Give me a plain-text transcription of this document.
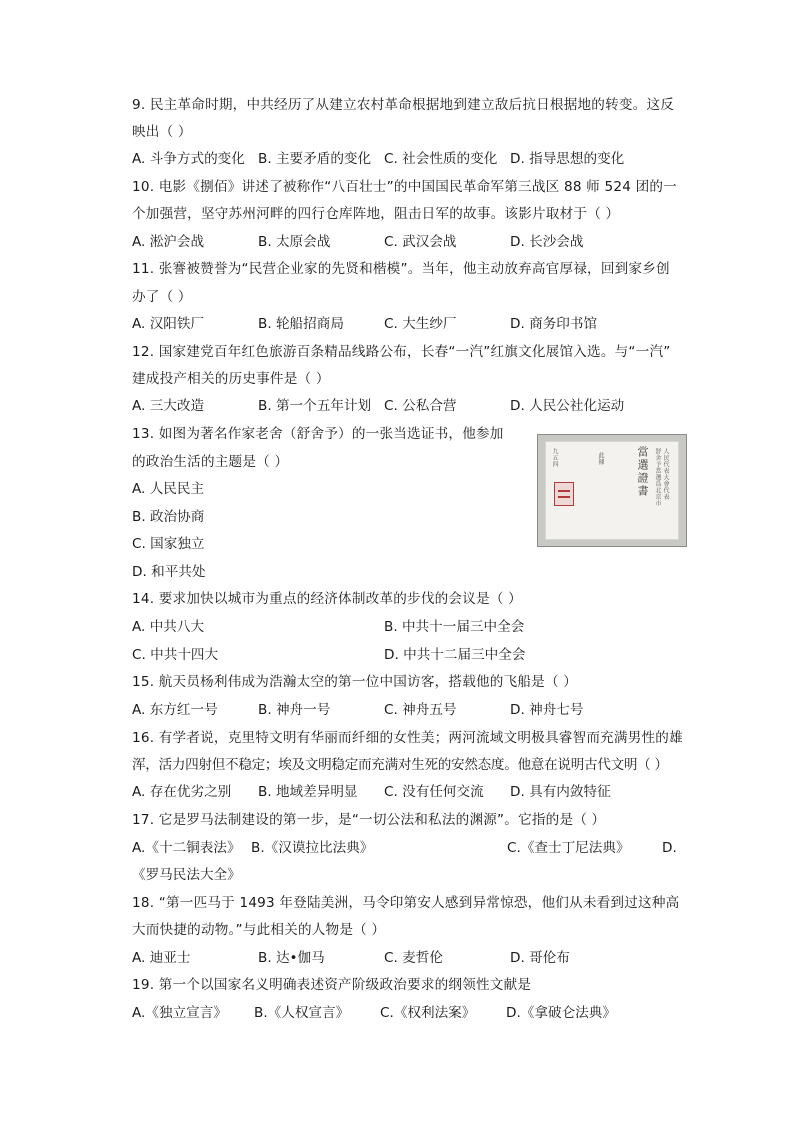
9. 民主革命时期，中共经历了从建立农村革命根据地到建立敌后抗日根据地的转变。这反
映出（ ）
A. 斗争方式的变化 B. 主要矛盾的变化 C. 社会性质的变化 D. 指导思想的变化
10. 电影《捌佰》讲述了被称作“八百壮士”的中国国民革命军第三战区 88 师 524 团的一
个加强营，坚守苏州河畔的四行仓库阵地，阻击日军的故事。该影片取材于（ ）
A. 淞沪会战	B. 太原会战	C. 武汉会战	D. 长沙会战
11. 张謇被赞誉为“民营企业家的先贤和楷模”。当年，他主动放弃高官厚禄，回到家乡创
办了（ ）
A. 汉阳铁厂	B. 轮船招商局	C. 大生纱厂	D. 商务印书馆
12. 国家建党百年红色旅游百条精品线路公布，长春“一汽”红旗文化展馆入选。与“一汽”
建成投产相关的历史事件是（ ）
A. 三大改造	B. 第一个五年计划 C. 公私合营	D. 人民公社化运动
13. 如图为著名作家老舍（舒舍予）的一张当选证书，他参加
的政治生活的主题是（ ）
A. 人民民主
B. 政治协商
C. 国家独立
D. 和平共处
當選證書 舒舍予當選爲北京市 人民代表大會代表
此據
九五四
14. 要求加快以城市为重点的经济体制改革的步伐的会议是（ ）
A. 中共八大	B. 中共十一届三中全会
C. 中共十四大	D. 中共十二届三中全会
15. 航天员杨利伟成为浩瀚太空的第一位中国访客，搭载他的飞船是（ ）
A. 东方红一号	B. 神舟一号	C. 神舟五号	D. 神舟七号
16. 有学者说，克里特文明有华丽而纤细的女性美；两河流域文明极具睿智而充满男性的雄
浑，活力四射但不稳定；埃及文明稳定而充满对生死的安然态度。他意在说明古代文明（ ）
A. 存在优劣之别 B. 地域差异明显 C. 没有任何交流 D. 具有内敛特征
17. 它是罗马法制建设的第一步，是“一切公法和私法的渊源”。它指的是（ ）
A.《十二铜表法》 B.《汉谟拉比法典》	C.《查士丁尼法典》 D.
《罗马民法大全》
18. “第一匹马于 1493 年登陆美洲，马令印第安人感到异常惊恐，他们从未看到过这种高
大而快捷的动物。”与此相关的人物是（ ）
A. 迪亚士	B. 达•伽马	C. 麦哲伦	D. 哥伦布
19. 第一个以国家名义明确表述资产阶级政治要求的纲领性文献是
A.《独立宣言》 B.《人权宣言》 C.《权利法案》 D.《拿破仑法典》
